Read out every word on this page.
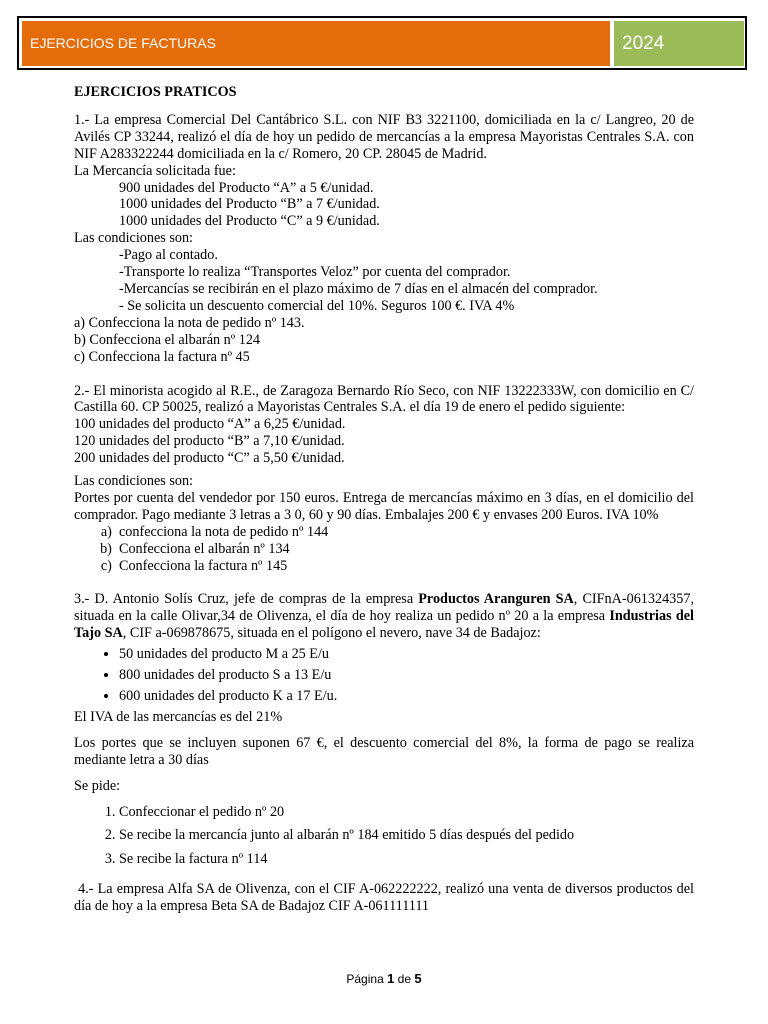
EJERCICIOS DE FACTURAS	2024

EJERCICIOS PRATICOS

1.- La empresa Comercial Del Cantábrico S.L. con NIF B3 3221100, domiciliada en la c/ Langreo, 20 de Avilés CP 33244, realizó el día de hoy un pedido de mercancías a la empresa Mayoristas Centrales S.A. con NIF A283322244 domiciliada en la c/ Romero, 20 CP. 28045 de Madrid.

La Mercancía solicitada fue:

900 unidades del Producto “A” a 5 €/unidad.

1000 unidades del Producto “B” a 7 €/unidad.

1000 unidades del Producto “C” a 9 €/unidad.

Las condiciones son:

-Pago al contado.

-Transporte lo realiza “Transportes Veloz” por cuenta del comprador.

-Mercancías se recibirán en el plazo máximo de 7 días en el almacén del comprador.

- Se solicita un descuento comercial del 10%. Seguros 100 €. IVA 4%

a) Confecciona la nota de pedido nº 143.

b) Confecciona el albarán nº 124

c) Confecciona la factura nº 45

2.- El minorista acogido al R.E., de Zaragoza Bernardo Río Seco, con NIF 13222333W, con domicilio en C/ Castilla 60. CP 50025, realizó a Mayoristas Centrales S.A. el día 19 de enero el pedido siguiente:

100 unidades del producto “A” a 6,25 €/unidad.

120 unidades del producto “B” a 7,10 €/unidad.

200 unidades del producto “C” a 5,50 €/unidad.

Las condiciones son:

Portes por cuenta del vendedor por 150 euros. Entrega de mercancías máximo en 3 días, en el domicilio del comprador. Pago mediante 3 letras a 3 0, 60 y 90 días. Embalajes 200 € y envases 200 Euros. IVA 10%

a. confecciona la nota de pedido nº 144
b. Confecciona el albarán nº 134
c. Confecciona la factura nº 145

3.- D. Antonio Solís Cruz, jefe de compras de la empresa Productos Aranguren SA, CIFnA-061324357, situada en la calle Olivar,34 de Olivenza, el día de hoy realiza un pedido nº 20 a la empresa Industrias del Tajo SA, CIF a-069878675, situada en el polígono el nevero, nave 34 de Badajoz:

• 50 unidades del producto M a 25 E/u
• 800 unidades del producto S a 13 E/u
• 600 unidades del producto K a 17 E/u.

El IVA de las mercancías es del 21%

Los portes que se incluyen suponen 67 €, el descuento comercial del 8%, la forma de pago se realiza mediante letra a 30 días

Se pide:

1. Confeccionar el pedido nº 20
2. Se recibe la mercancía junto al albarán nº 184 emitido 5 días después del pedido
3. Se recibe la factura nº 114

4.- La empresa Alfa SA de Olivenza, con el CIF A-062222222, realizó una venta de diversos productos del día de hoy a la empresa Beta SA de Badajoz CIF A-061111111

Página 1 de 5
